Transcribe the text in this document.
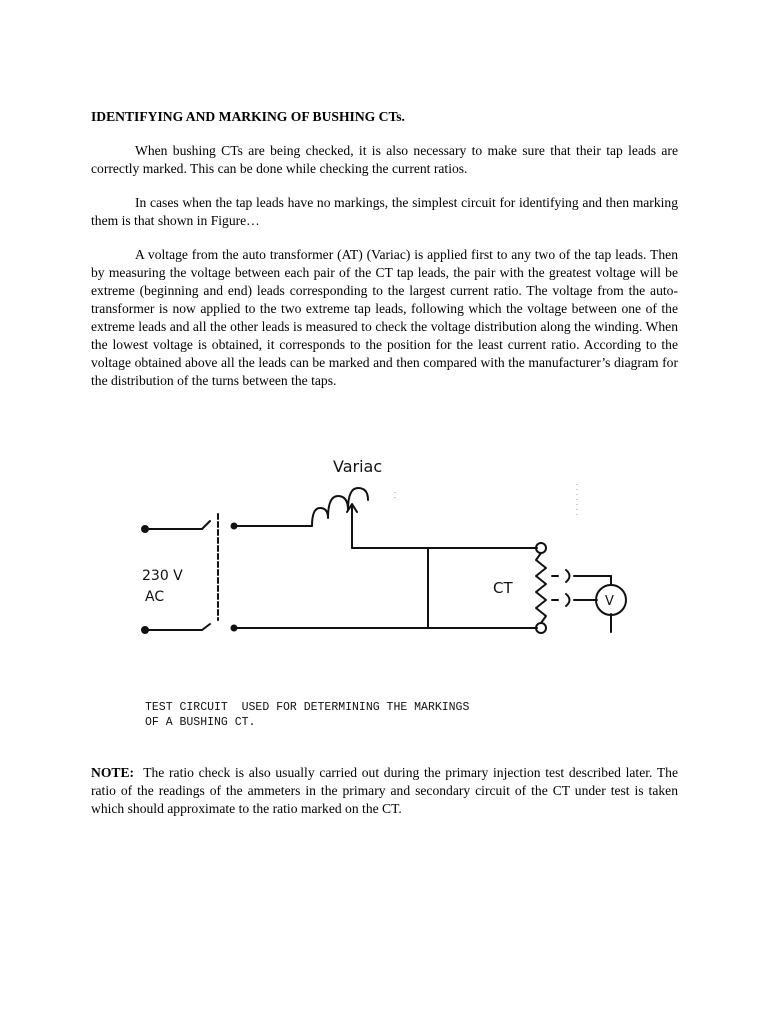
IDENTIFYING AND MARKING OF BUSHING CTs.
When bushing CTs are being checked, it is also necessary to make sure that their tap leads are correctly marked. This can be done while checking the current ratios.
In cases when the tap leads have no markings, the simplest circuit for identifying and then marking them is that shown in Figure…
A voltage from the auto transformer (AT) (Variac) is applied first to any two of the tap leads. Then by measuring the voltage between each pair of the CT tap leads, the pair with the greatest voltage will be extreme (beginning and end) leads corresponding to the largest current ratio. The voltage from the auto-transformer is now applied to the two extreme tap leads, following which the voltage between one of the extreme leads and all the other leads is measured to check the voltage distribution along the winding. When the lowest voltage is obtained, it corresponds to the position for the least current ratio. According to the voltage obtained above all the leads can be marked and then compared with the manufacturer’s diagram for the distribution of the turns between the taps.
Variac
230 V
AC	CT
V
TEST CIRCUIT  USED FOR DETERMINING THE MARKINGS
OF A BUSHING CT.
NOTE: The ratio check is also usually carried out during the primary injection test described later. The ratio of the readings of the ammeters in the primary and secondary circuit of the CT under test is taken which should approximate to the ratio marked on the CT.
